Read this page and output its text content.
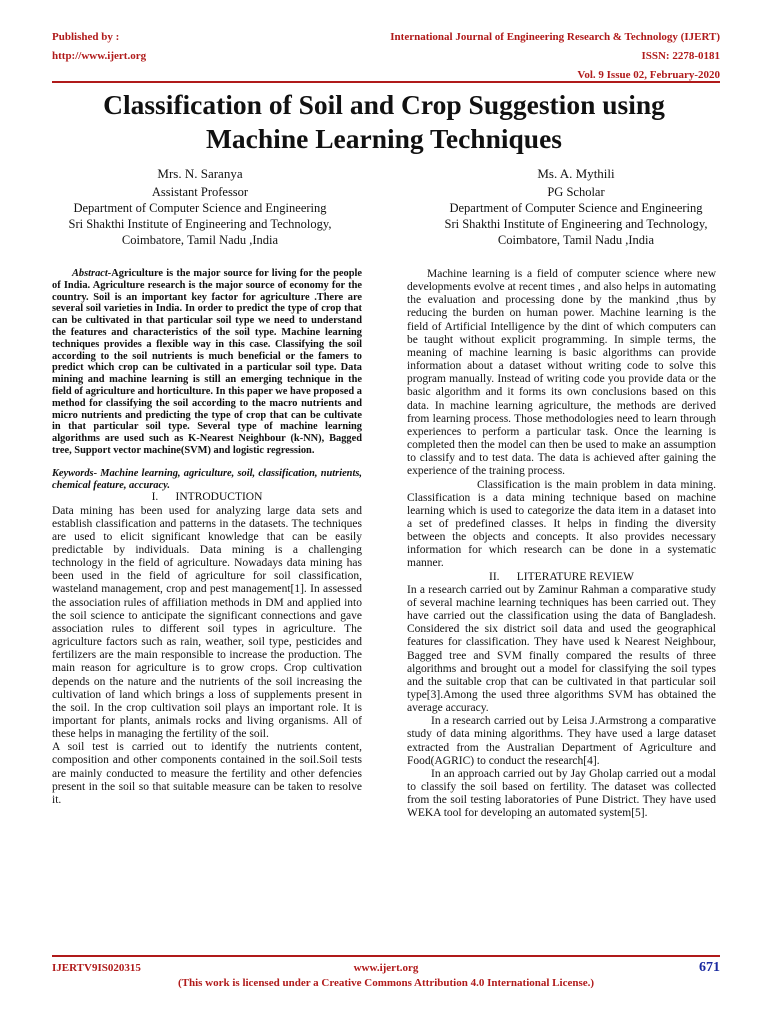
Published by :
http://www.ijert.org
International Journal of Engineering Research & Technology (IJERT)
ISSN: 2278-0181
Vol. 9 Issue 02, February-2020
Classification of Soil and Crop Suggestion using
Machine Learning Techniques
Mrs. N. Saranya
Assistant Professor
Department of Computer Science and Engineering
Sri Shakthi Institute of Engineering and Technology,
Coimbatore, Tamil Nadu ,India
Ms. A. Mythili
PG Scholar
Department of Computer Science and Engineering
Sri Shakthi Institute of Engineering and Technology,
Coimbatore, Tamil Nadu ,India

Abstract-Agriculture is the major source for living for the people of India. Agriculture research is the major source of economy for the country. Soil is an important key factor for agriculture .There are several soil varieties in India. In order to predict the type of crop that can be cultivated in that particular soil type we need to understand the features and characteristics of the soil type. Machine learning techniques provides a flexible way in this case. Classifying the soil according to the soil nutrients is much beneficial or the famers to predict which crop can be cultivated in a particular soil type. Data mining and machine learning is still an emerging technique in the field of agriculture and horticulture. In this paper we have proposed a method for classifying the soil according to the macro nutrients and micro nutrients and predicting the type of crop that can be cultivate in that particular soil type. Several type of machine learning algorithms are used such as K-Nearest Neighbour (k-NN), Bagged tree, Support vector machine(SVM) and logistic regression.

Keywords- Machine learning, agriculture, soil, classification, nutrients, chemical feature, accuracy.

I.      INTRODUCTION

Data mining has been used for analyzing large data sets and establish classification and patterns in the datasets. The techniques are used to elicit significant knowledge that can be easily predictable by individuals. Data mining is a challenging technology in the field of agriculture. Nowadays data mining has been used in the field of agriculture for soil classification, wasteland management, crop and pest management[1]. In assessed the association rules of affiliation methods in DM and applied into the soil science to anticipate the significant connections and gave association rules to different soil types in agriculture. The agriculture factors such as rain, weather, soil type, pesticides and fertilizers are the main responsible to increase the production. The main reason for agriculture is to grow crops. Crop cultivation depends on the nature and the nutrients of the soil increasing the cultivation of land which brings a loss of supplements present in the soil. In the crop cultivation soil plays an important role. It is important for plants, animals rocks and living organisms. All of these helps in managing the fertility of the soil.

A soil test is carried out to identify the nutrients content, composition and other components contained in the soil.Soil tests are mainly conducted to measure the fertility and other defencies present in the soil so that suitable measure can be taken to resolve it.

Machine learning is a field of computer science where new developments evolve at recent times , and also helps in automating the evaluation and processing done by the mankind ,thus by reducing the burden on human power. Machine learning is the field of Artificial Intelligence by the dint of which computers can be taught without explicit programming. In simple terms, the meaning of machine learning is basic algorithms can provide information about a dataset without writing code to solve this program manually. Instead of writing code you provide data or the basic algorithm and it forms its own conclusions based on this data. In machine learning agriculture, the methods are derived from learning process. Those methodologies need to learn through experiences to perform a particular task. Once the learning is completed then the model can then be used to make an assumption to classify and to test data. The data is achieved after gaining the experience of the training process.

Classification is the main problem in data mining. Classification is a data mining technique based on machine learning which is used to categorize the data item in a dataset into a set of predefined classes. It helps in finding the diversity between the objects and concepts. It also provides necessary information for which research can be done in a systematic manner.

II.      LITERATURE REVIEW

In a research carried out by Zaminur Rahman a comparative study of several machine learning techniques has been carried out. They have carried out the classification using the data of Bangladesh. Considered the six district soil data and used the geographical features for classification. They have used k Nearest Neighbour, Bagged tree and SVM finally compared the results of three algorithms and brought out a model for classifying the soil types and the suitable crop that can be cultivated in that particular soil type[3].Among the used three algorithms SVM has obtained the average accuracy.

In a research carried out by Leisa J.Armstrong a comparative study of data mining algorithms. They have used a large dataset extracted from the Australian Department of Agriculture and Food(AGRIC) to conduct the research[4].

In an approach carried out by Jay Gholap carried out a modal to classify the soil based on fertility. The dataset was collected from the soil testing laboratories of Pune District. They have used WEKA tool for developing an automated system[5].

IJERTV9IS020315	www.ijert.org	671
(This work is licensed under a Creative Commons Attribution 4.0 International License.)
